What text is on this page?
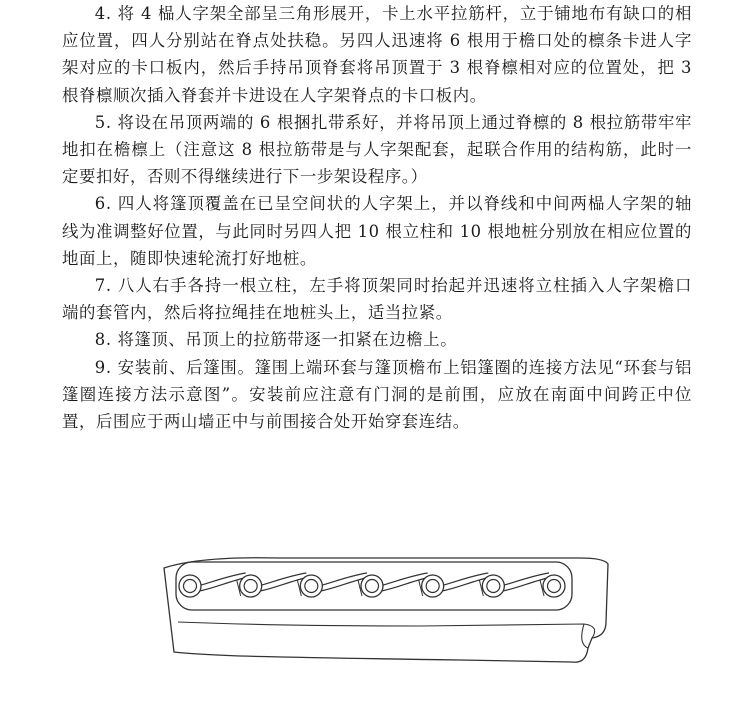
4. 将 4 榀人字架全部呈三角形展开，卡上水平拉筋杆，立于铺地布有缺口的相应位置，四人分别站在脊点处扶稳。另四人迅速将 6 根用于檐口处的檩条卡进人字架对应的卡口板内，然后手持吊顶脊套将吊顶置于 3 根脊檩相对应的位置处，把 3 根脊檩顺次插入脊套并卡进设在人字架脊点的卡口板内。

5. 将设在吊顶两端的 6 根捆扎带系好，并将吊顶上通过脊檩的 8 根拉筋带牢牢地扣在檐檩上（注意这 8 根拉筋带是与人字架配套，起联合作用的结构筋，此时一定要扣好，否则不得继续进行下一步架设程序。）

6. 四人将篷顶覆盖在已呈空间状的人字架上，并以脊线和中间两榀人字架的轴线为准调整好位置，与此同时另四人把 10 根立柱和 10 根地桩分别放在相应位置的地面上，随即快速轮流打好地桩。

7. 八人右手各持一根立柱，左手将顶架同时抬起并迅速将立柱插入人字架檐口端的套管内，然后将拉绳挂在地桩头上，适当拉紧。

8. 将篷顶、吊顶上的拉筋带逐一扣紧在边檐上。

9. 安装前、后篷围。篷围上端环套与篷顶檐布上铝篷圈的连接方法见“环套与铝篷圈连接方法示意图”。安装前应注意有门洞的是前围，应放在南面中间跨正中位置，后围应于两山墙正中与前围接合处开始穿套连结。
